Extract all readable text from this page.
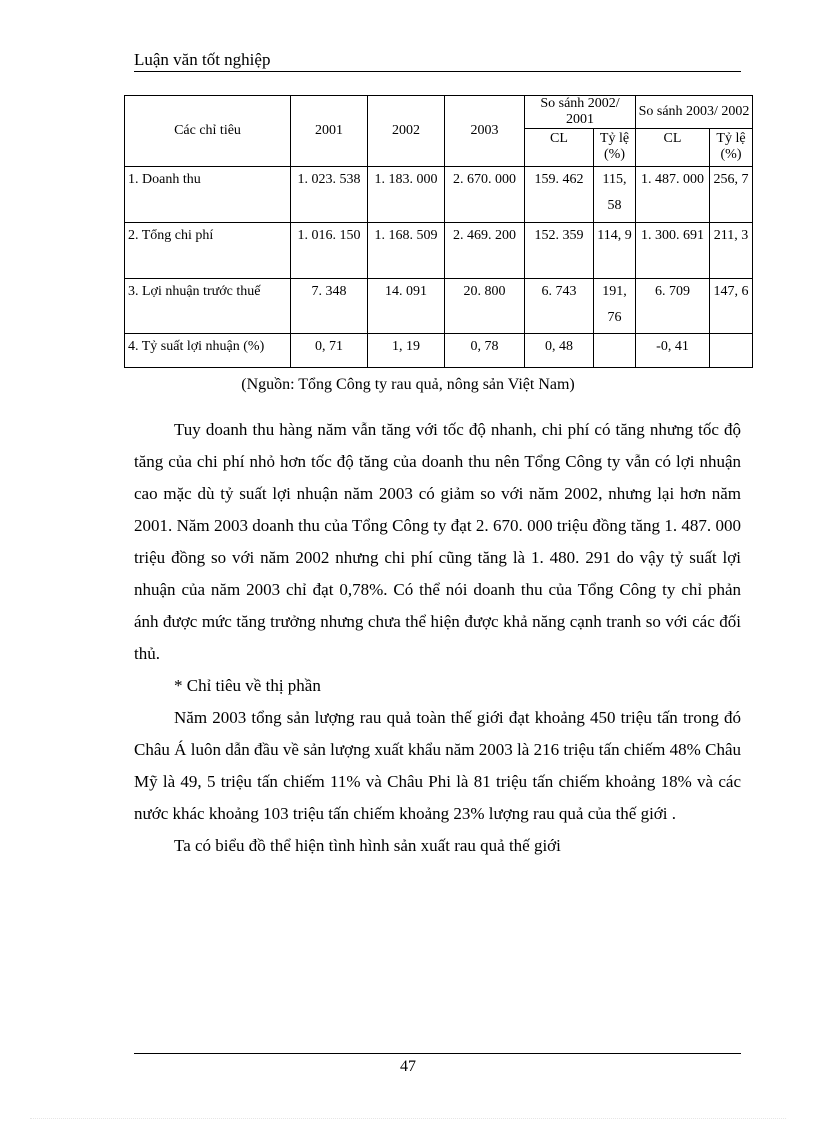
Luận văn tốt nghiệp
Các chỉ tiêu	2001	2002	2003	So sánh 2002/ 2001		So sánh 2003/ 2002	
				CL	Tỷ lệ (%)	CL	Tỷ lệ (%)
1. Doanh thu	1. 023. 538	1. 183. 000	2. 670. 000	159. 462	115, 58	1. 487. 000	256, 7
2. Tổng chi phí	1. 016. 150	1. 168. 509	2. 469. 200	152. 359	114, 9	1. 300. 691	211, 3
3. Lợi nhuận trước thuế	7. 348	14. 091	20. 800	6. 743	191, 76	6. 709	147, 6
4. Tỷ suất lợi nhuận (%)	0, 71	1, 19	0, 78	0, 48		-0, 41	
(Nguồn: Tổng Công ty rau quả, nông sản Việt Nam)

Tuy doanh thu hàng năm vẫn tăng với tốc độ nhanh, chi phí có tăng nhưng tốc độ tăng của chi phí nhỏ hơn tốc độ tăng của doanh thu nên Tổng Công ty vẫn có lợi nhuận cao mặc dù tỷ suất lợi nhuận năm 2003 có giảm so với năm 2002, nhưng lại hơn năm 2001. Năm 2003 doanh thu của Tổng Công ty đạt 2. 670. 000 triệu đồng tăng 1. 487. 000 triệu đồng so với năm 2002 nhưng chi phí cũng tăng là 1. 480. 291 do vậy tỷ suất lợi nhuận của năm 2003 chỉ đạt 0,78%. Có thể nói doanh thu của Tổng Công ty chỉ phản ánh được mức tăng trưởng nhưng chưa thể hiện được khả năng cạnh tranh so với các đối thủ.

* Chỉ tiêu về thị phần

Năm 2003 tổng sản lượng rau quả toàn thế giới đạt khoảng 450 triệu tấn trong đó Châu Á luôn dẫn đầu về sản lượng xuất khẩu năm 2003 là 216 triệu tấn chiếm 48% Châu Mỹ là 49, 5 triệu tấn chiếm 11% và Châu Phi là 81 triệu tấn chiếm khoảng 18% và các nước khác khoảng 103 triệu tấn chiếm khoảng 23% lượng rau quả của thế giới .

Ta có biểu đồ thể hiện tình hình sản xuất rau quả thế giới

47
